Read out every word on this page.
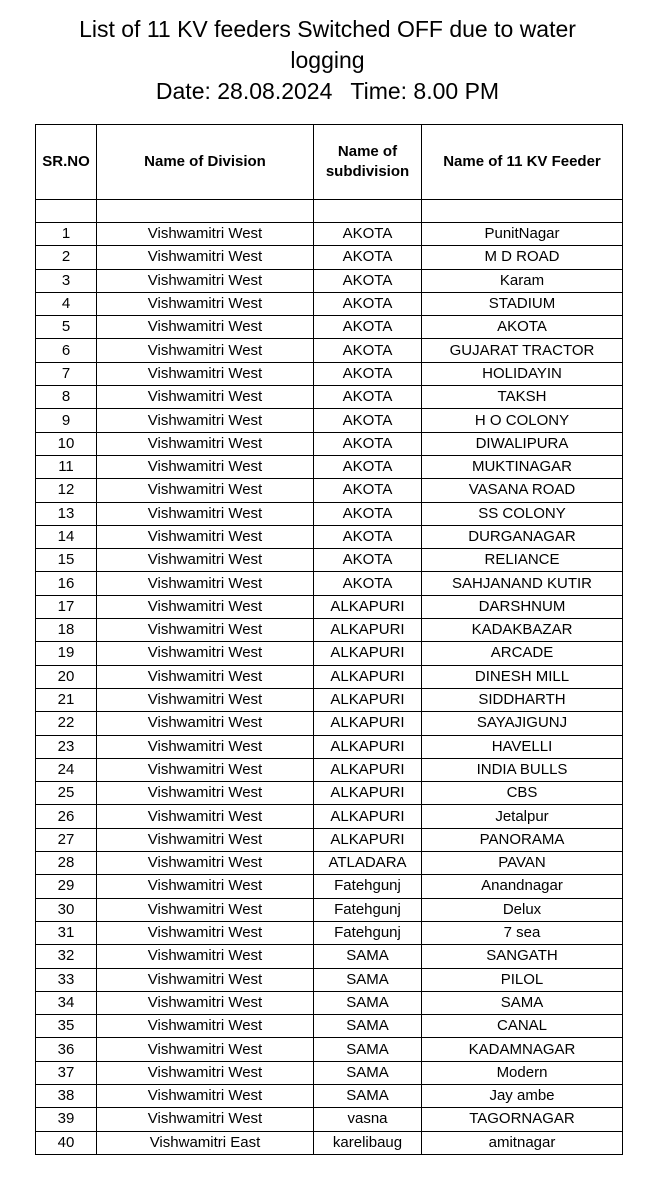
List of 11 KV feeders Switched OFF due to water
logging
Date: 28.08.2024 Time: 8.00 PM
SR.NO	Name of Division	Name of subdivision	Name of 11 KV Feeder

1	Vishwamitri West	AKOTA	PunitNagar
2	Vishwamitri West	AKOTA	M D ROAD
3	Vishwamitri West	AKOTA	Karam
4	Vishwamitri West	AKOTA	STADIUM
5	Vishwamitri West	AKOTA	AKOTA
6	Vishwamitri West	AKOTA	GUJARAT TRACTOR
7	Vishwamitri West	AKOTA	HOLIDAYIN
8	Vishwamitri West	AKOTA	TAKSH
9	Vishwamitri West	AKOTA	H O COLONY
10	Vishwamitri West	AKOTA	DIWALIPURA
11	Vishwamitri West	AKOTA	MUKTINAGAR
12	Vishwamitri West	AKOTA	VASANA ROAD
13	Vishwamitri West	AKOTA	SS COLONY
14	Vishwamitri West	AKOTA	DURGANAGAR
15	Vishwamitri West	AKOTA	RELIANCE
16	Vishwamitri West	AKOTA	SAHJANAND KUTIR
17	Vishwamitri West	ALKAPURI	DARSHNUM
18	Vishwamitri West	ALKAPURI	KADAKBAZAR
19	Vishwamitri West	ALKAPURI	ARCADE
20	Vishwamitri West	ALKAPURI	DINESH MILL
21	Vishwamitri West	ALKAPURI	SIDDHARTH
22	Vishwamitri West	ALKAPURI	SAYAJIGUNJ
23	Vishwamitri West	ALKAPURI	HAVELLI
24	Vishwamitri West	ALKAPURI	INDIA BULLS
25	Vishwamitri West	ALKAPURI	CBS
26	Vishwamitri West	ALKAPURI	Jetalpur
27	Vishwamitri West	ALKAPURI	PANORAMA
28	Vishwamitri West	ATLADARA	PAVAN
29	Vishwamitri West	Fatehgunj	Anandnagar
30	Vishwamitri West	Fatehgunj	Delux
31	Vishwamitri West	Fatehgunj	7 sea
32	Vishwamitri West	SAMA	SANGATH
33	Vishwamitri West	SAMA	PILOL
34	Vishwamitri West	SAMA	SAMA
35	Vishwamitri West	SAMA	CANAL
36	Vishwamitri West	SAMA	KADAMNAGAR
37	Vishwamitri West	SAMA	Modern
38	Vishwamitri West	SAMA	Jay ambe
39	Vishwamitri West	vasna	TAGORNAGAR
40	Vishwamitri East	karelibaug	amitnagar
